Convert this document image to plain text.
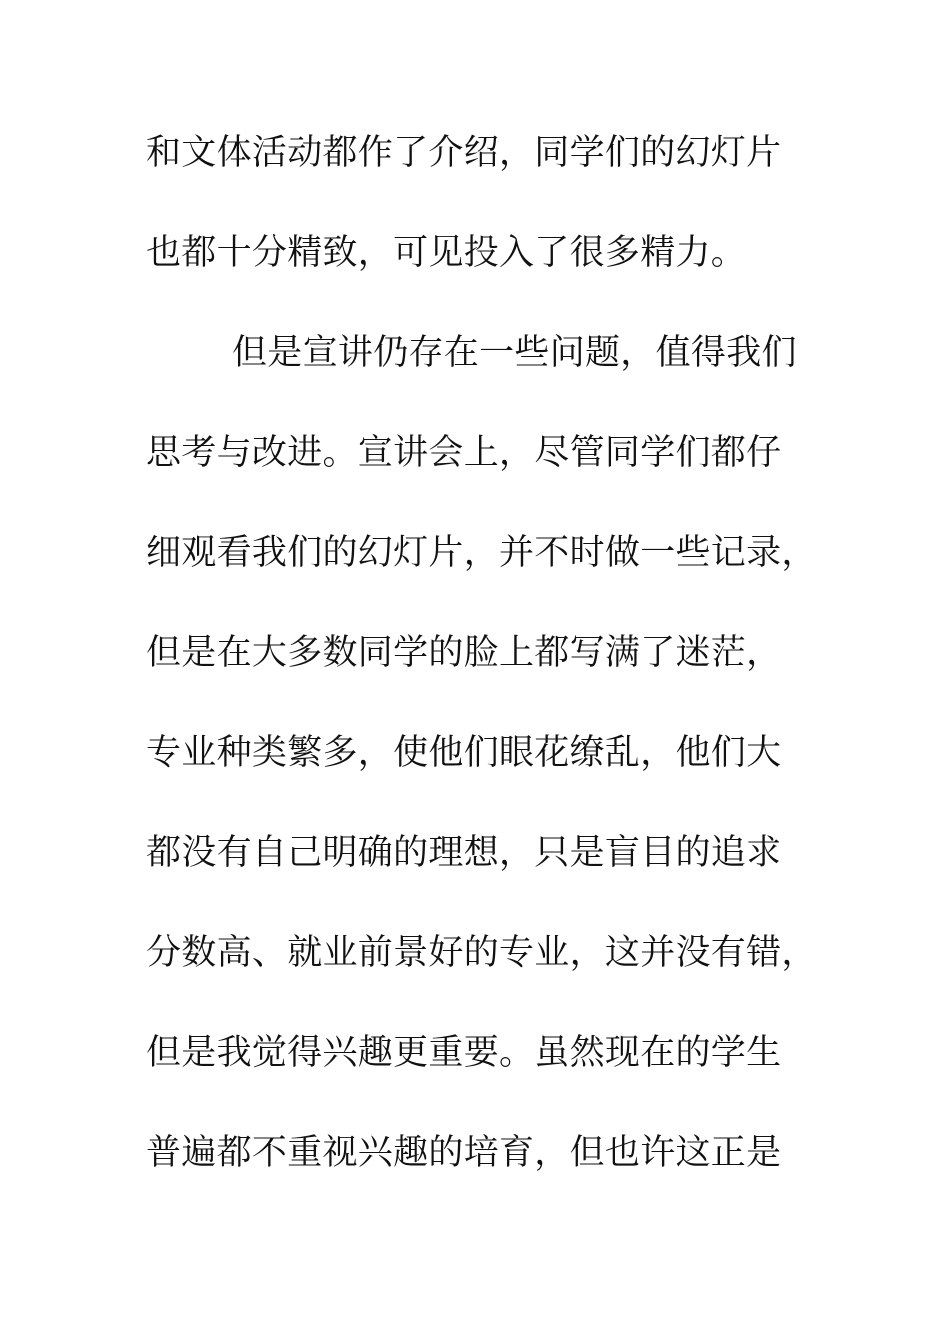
和文体活动都作了介绍，同学们的幻灯片

也都十分精致，可见投入了很多精力。

但是宣讲仍存在一些问题，值得我们

思考与改进。宣讲会上，尽管同学们都仔

细观看我们的幻灯片，并不时做一些记录，

但是在大多数同学的脸上都写满了迷茫，

专业种类繁多，使他们眼花缭乱，他们大

都没有自己明确的理想，只是盲目的追求

分数高、就业前景好的专业，这并没有错，

但是我觉得兴趣更重要。虽然现在的学生

普遍都不重视兴趣的培育，但也许这正是
